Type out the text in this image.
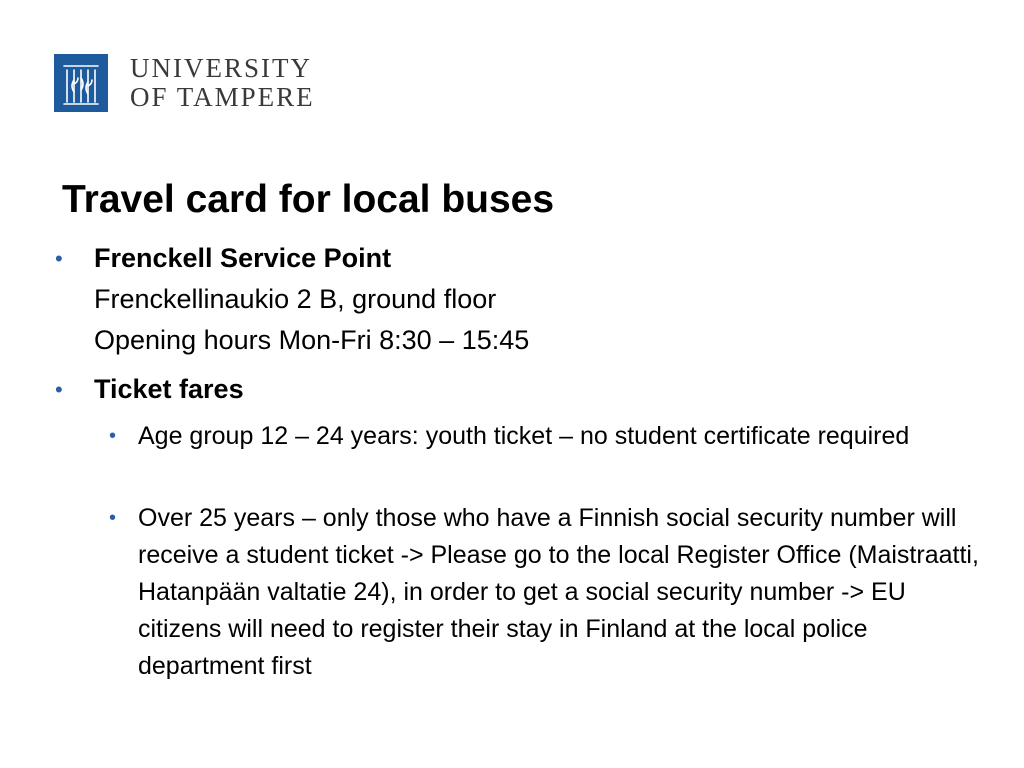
UNIVERSITY
OF TAMPERE
Travel card for local buses
• Frenckell Service Point
Frenckellinaukio 2 B, ground floor
Opening hours Mon-Fri 8:30 – 15:45
• Ticket fares
• Age group 12 – 24 years: youth ticket – no student certificate required
• Over 25 years – only those who have a Finnish social security number will receive a student ticket -> Please go to the local Register Office (Maistraatti, Hatanpään valtatie 24), in order to get a social security number -> EU citizens will need to register their stay in Finland at the local police department first
